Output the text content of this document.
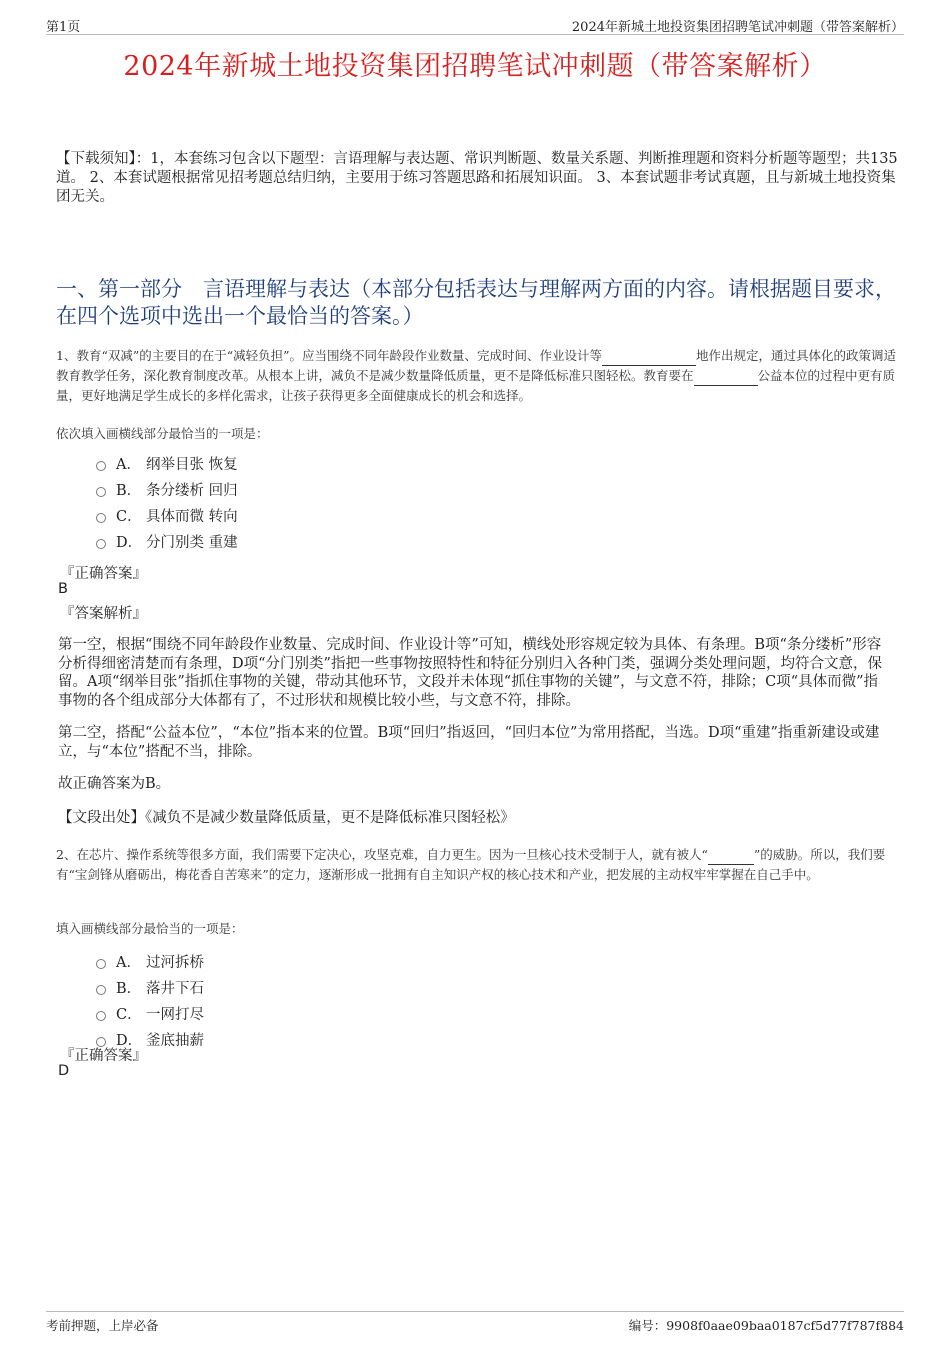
第1页	2024年新城土地投资集团招聘笔试冲刺题（带答案解析）
2024年新城土地投资集团招聘笔试冲刺题（带答案解析）
【下载须知】：1，本套练习包含以下题型：言语理解与表达题、常识判断题、数量关系题、判断推理题和资料分析题等题型；共135道。 2、本套试题根据常见招考题总结归纳，主要用于练习答题思路和拓展知识面。 3、本套试题非考试真题，且与新城土地投资集团无关。
一、第一部分　言语理解与表达（本部分包括表达与理解两方面的内容。请根据题目要求，在四个选项中选出一个最恰当的答案。）
1、教育“双减”的主要目的在于“减轻负担”。应当围绕不同年龄段作业数量、完成时间、作业设计等	地作出规定，通过具体化的政策调适教育教学任务，深化教育制度改革。从根本上讲，减负不是减少数量降低质量，更不是降低标准只图轻松。教育要在	公益本位的过程中更有质量，更好地满足学生成长的多样化需求，让孩子获得更多全面健康成长的机会和选择。
依次填入画横线部分最恰当的一项是：
A． 纲举目张 恢复
B． 条分缕析 回归
C． 具体而微 转向
D． 分门别类 重建
『正确答案』
B
『答案解析』
第一空，根据“围绕不同年龄段作业数量、完成时间、作业设计等”可知，横线处形容规定较为具体、有条理。B项“条分缕析”形容分析得细密清楚而有条理，D项“分门别类”指把一些事物按照特性和特征分别归入各种门类，强调分类处理问题，均符合文意，保留。A项“纲举目张”指抓住事物的关键，带动其他环节，文段并未体现“抓住事物的关键”，与文意不符，排除；C项“具体而微”指事物的各个组成部分大体都有了，不过形状和规模比较小些，与文意不符，排除。
第二空，搭配“公益本位”，“本位”指本来的位置。B项“回归”指返回，“回归本位”为常用搭配，当选。D项“重建”指重新建设或建立，与“本位”搭配不当，排除。
故正确答案为B。
【文段出处】《减负不是减少数量降低质量，更不是降低标准只图轻松》
2、在芯片、操作系统等很多方面，我们需要下定决心，攻坚克难，自力更生。因为一旦核心技术受制于人，就有被人“	”的威胁。所以，我们要有“宝剑锋从磨砺出，梅花香自苦寒来”的定力，逐渐形成一批拥有自主知识产权的核心技术和产业，把发展的主动权牢牢掌握在自己手中。
填入画横线部分最恰当的一项是：
A． 过河拆桥
B． 落井下石
C． 一网打尽
D． 釜底抽薪
『正确答案』
D
考前押题，上岸必备	编号：9908f0aae09baa0187cf5d77f787f884
